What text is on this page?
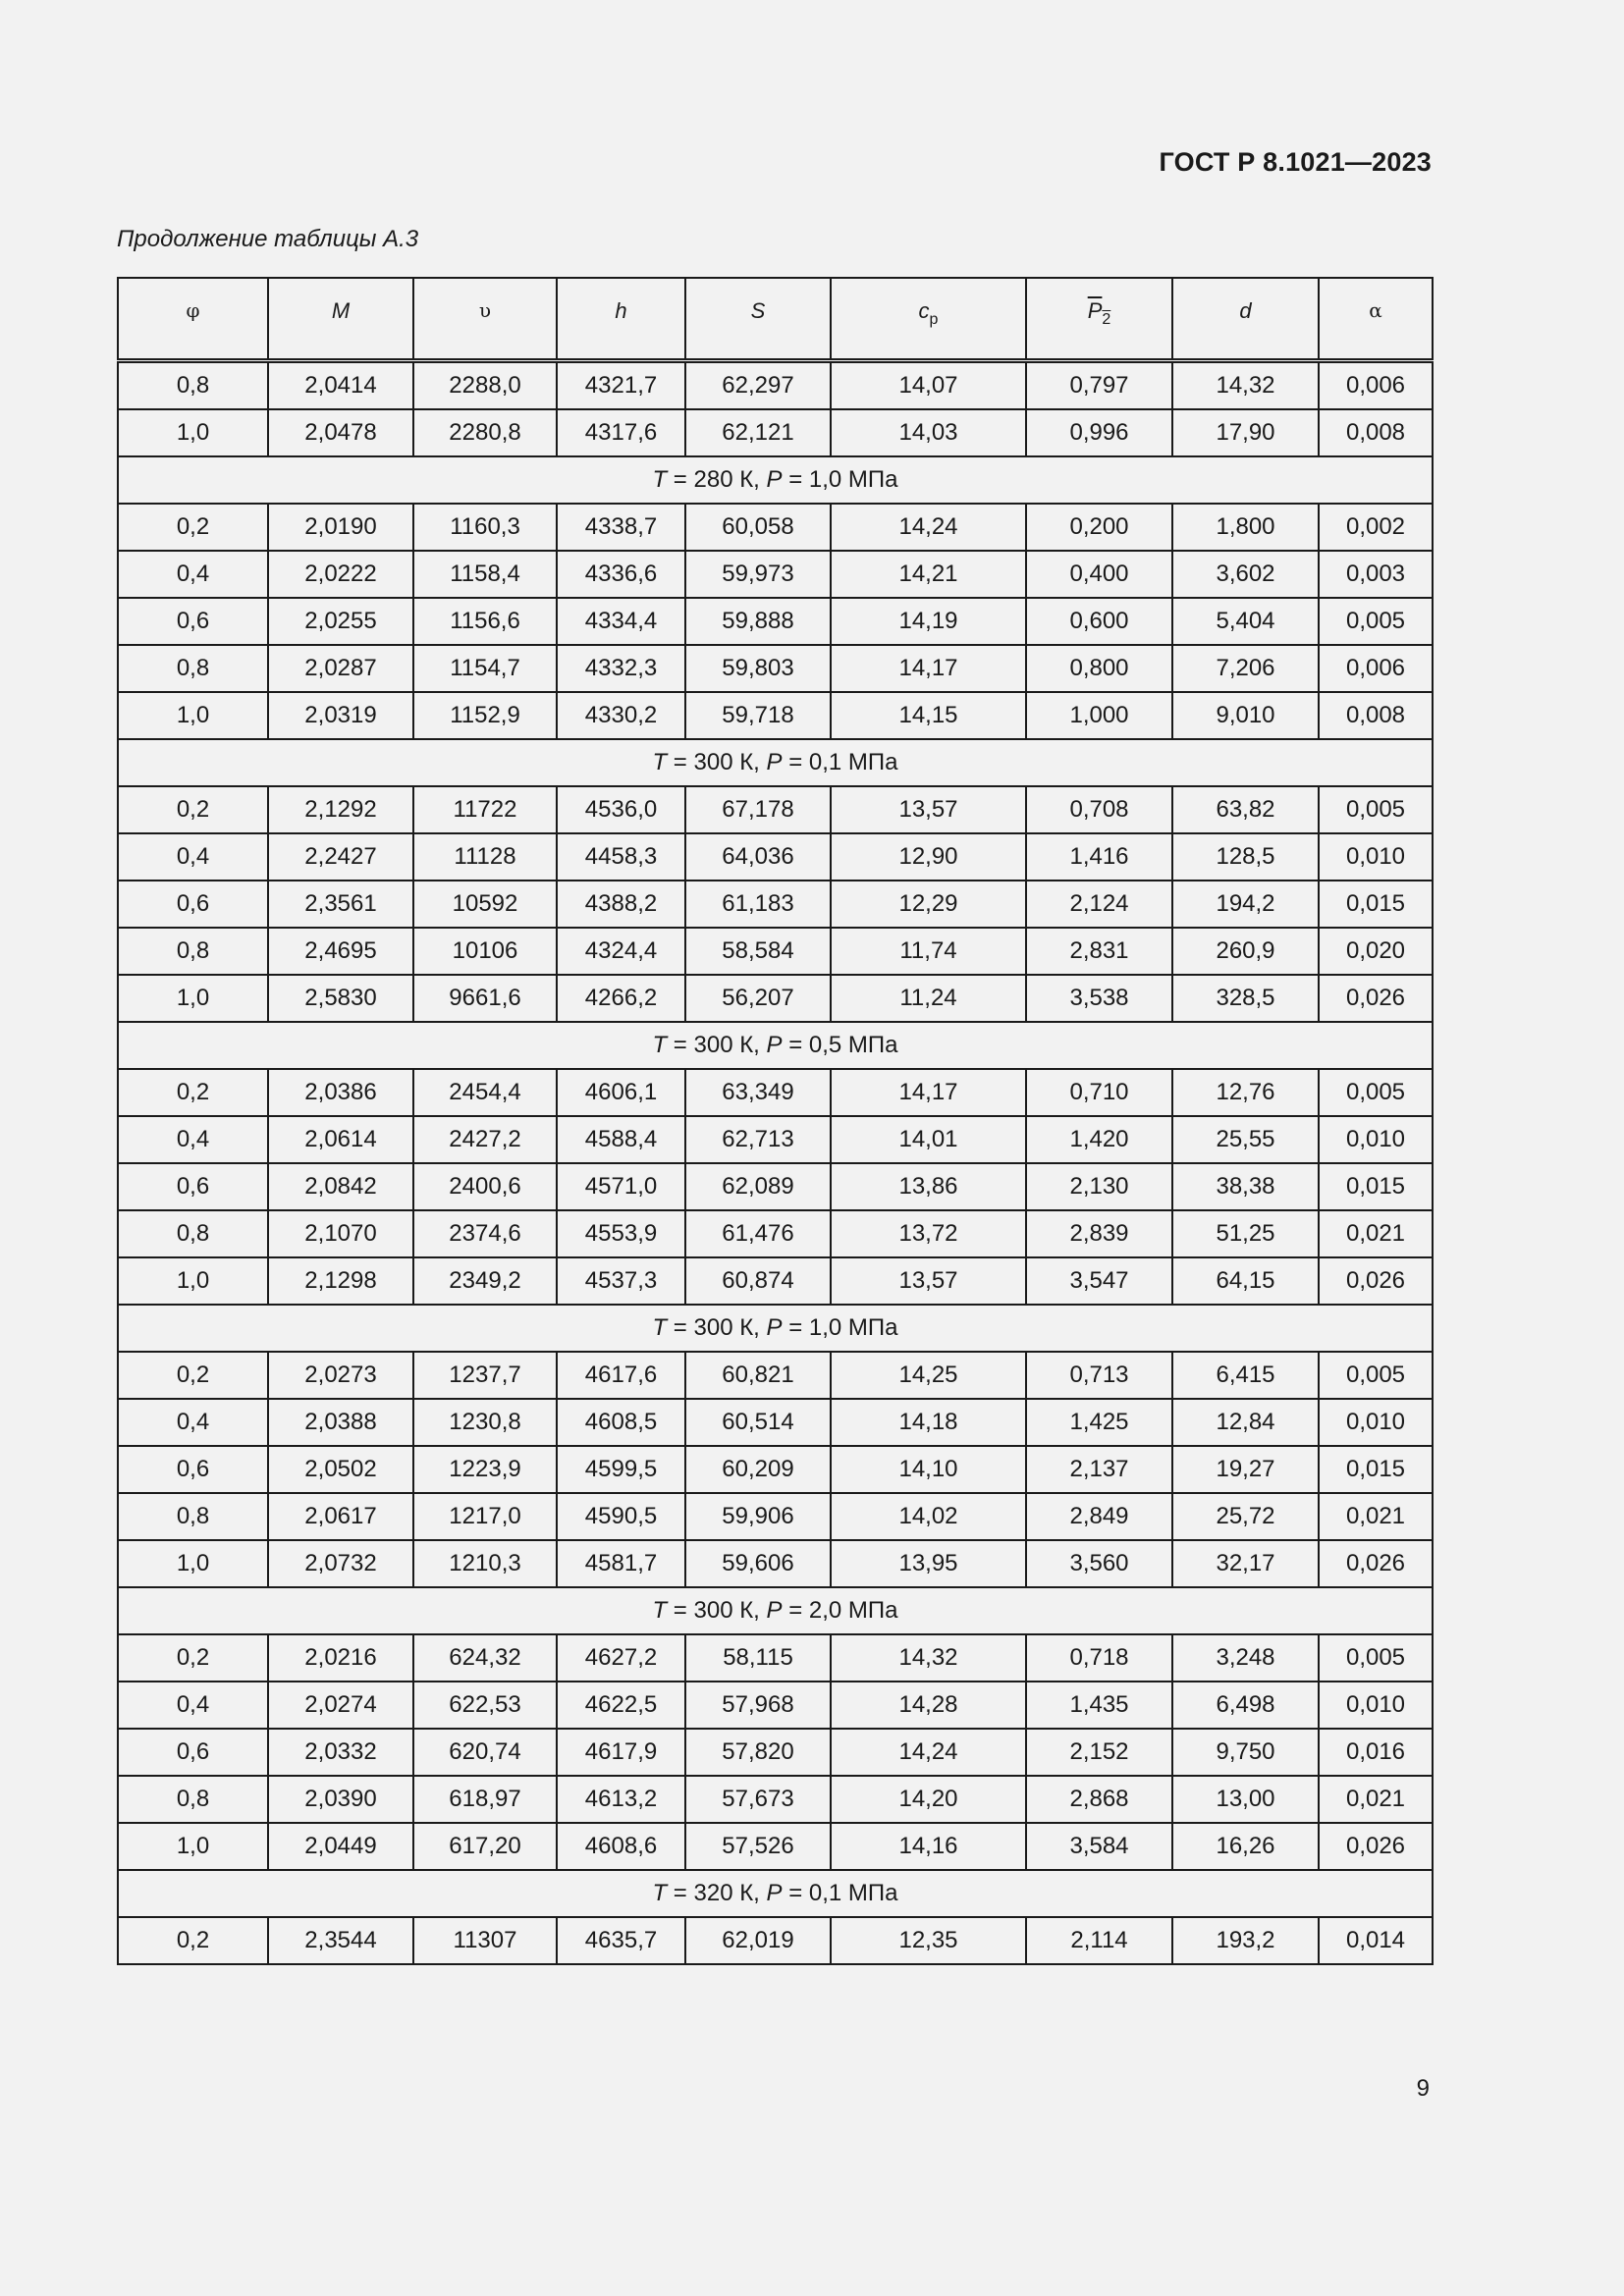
ГОСТ Р 8.1021—2023
Продолжение таблицы А.3
φ	M	υ	h	S	$c_p$	$\overline{P}_2$	d	α
0,8	2,0414	2288,0	4321,7	62,297	14,07	0,797	14,32	0,006
1,0	2,0478	2280,8	4317,6	62,121	14,03	0,996	17,90	0,008
T = 280 К, P = 1,0 МПа								
0,2	2,0190	1160,3	4338,7	60,058	14,24	0,200	1,800	0,002
0,4	2,0222	1158,4	4336,6	59,973	14,21	0,400	3,602	0,003
0,6	2,0255	1156,6	4334,4	59,888	14,19	0,600	5,404	0,005
0,8	2,0287	1154,7	4332,3	59,803	14,17	0,800	7,206	0,006
1,0	2,0319	1152,9	4330,2	59,718	14,15	1,000	9,010	0,008
T = 300 К, P = 0,1 МПа								
0,2	2,1292	11722	4536,0	67,178	13,57	0,708	63,82	0,005
0,4	2,2427	11128	4458,3	64,036	12,90	1,416	128,5	0,010
0,6	2,3561	10592	4388,2	61,183	12,29	2,124	194,2	0,015
0,8	2,4695	10106	4324,4	58,584	11,74	2,831	260,9	0,020
1,0	2,5830	9661,6	4266,2	56,207	11,24	3,538	328,5	0,026
T = 300 К, P = 0,5 МПа								
0,2	2,0386	2454,4	4606,1	63,349	14,17	0,710	12,76	0,005
0,4	2,0614	2427,2	4588,4	62,713	14,01	1,420	25,55	0,010
0,6	2,0842	2400,6	4571,0	62,089	13,86	2,130	38,38	0,015
0,8	2,1070	2374,6	4553,9	61,476	13,72	2,839	51,25	0,021
1,0	2,1298	2349,2	4537,3	60,874	13,57	3,547	64,15	0,026
T = 300 К, P = 1,0 МПа								
0,2	2,0273	1237,7	4617,6	60,821	14,25	0,713	6,415	0,005
0,4	2,0388	1230,8	4608,5	60,514	14,18	1,425	12,84	0,010
0,6	2,0502	1223,9	4599,5	60,209	14,10	2,137	19,27	0,015
0,8	2,0617	1217,0	4590,5	59,906	14,02	2,849	25,72	0,021
1,0	2,0732	1210,3	4581,7	59,606	13,95	3,560	32,17	0,026
T = 300 К, P = 2,0 МПа								
0,2	2,0216	624,32	4627,2	58,115	14,32	0,718	3,248	0,005
0,4	2,0274	622,53	4622,5	57,968	14,28	1,435	6,498	0,010
0,6	2,0332	620,74	4617,9	57,820	14,24	2,152	9,750	0,016
0,8	2,0390	618,97	4613,2	57,673	14,20	2,868	13,00	0,021
1,0	2,0449	617,20	4608,6	57,526	14,16	3,584	16,26	0,026
T = 320 К, P = 0,1 МПа								
0,2	2,3544	11307	4635,7	62,019	12,35	2,114	193,2	0,014
9
